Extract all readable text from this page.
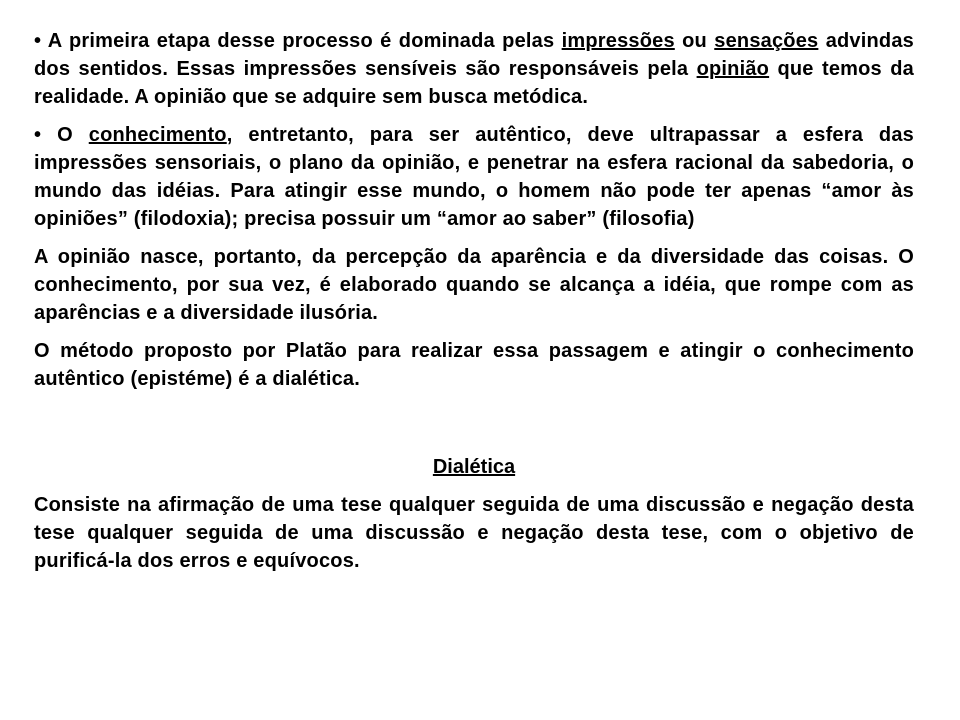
• A primeira etapa desse processo é dominada pelas impressões ou sensações advindas dos sentidos. Essas impressões sensíveis são responsáveis pela opinião que temos da realidade. A opinião que se adquire sem busca metódica.

• O conhecimento, entretanto, para ser autêntico, deve ultrapassar a esfera das impressões sensoriais, o plano da opinião, e penetrar na esfera racional da sabedoria, o mundo das idéias. Para atingir esse mundo, o homem não pode ter apenas “amor às opiniões” (filodoxia); precisa possuir um “amor ao saber” (filosofia)

A opinião nasce, portanto, da percepção da aparência e da diversidade das coisas. O conhecimento, por sua vez, é elaborado quando se alcança a idéia, que rompe com as aparências e a diversidade ilusória.

O método proposto por Platão para realizar essa passagem e atingir o conhecimento autêntico (epistéme) é a dialética.

Dialética

Consiste na afirmação de uma tese qualquer seguida de uma discussão e negação desta tese qualquer seguida de uma discussão e negação desta tese, com o objetivo de purificá-la dos erros e equívocos.
